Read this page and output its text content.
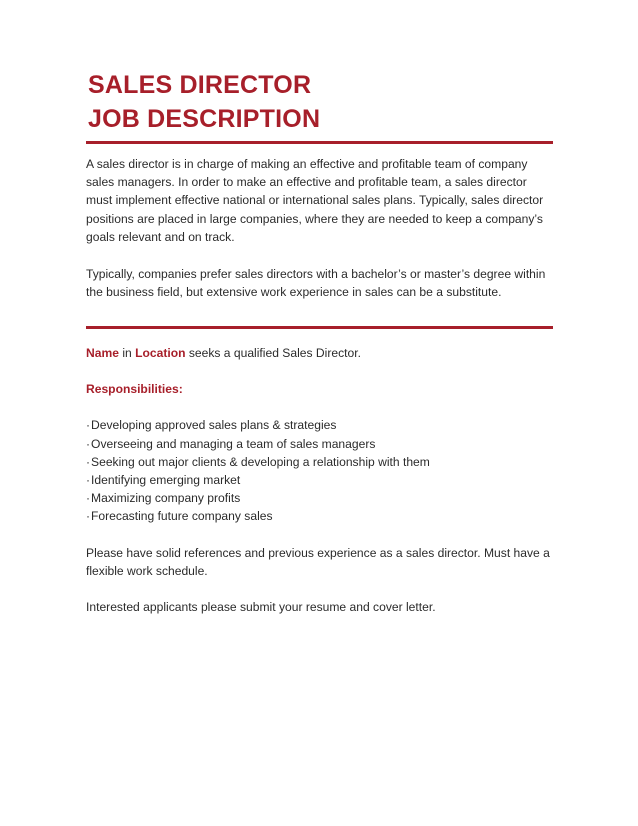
SALES DIRECTOR
JOB DESCRIPTION

A sales director is in charge of making an effective and profitable team of company sales managers. In order to make an effective and profitable team, a sales director must implement effective national or international sales plans. Typically, sales director positions are placed in large companies, where they are needed to keep a company’s goals relevant and on track.

Typically, companies prefer sales directors with a bachelor’s or master’s degree within the business field, but extensive work experience in sales can be a substitute.

Name in Location seeks a qualified Sales Director.

Responsibilities:

·Developing approved sales plans & strategies
·Overseeing and managing a team of sales managers
·Seeking out major clients & developing a relationship with them
·Identifying emerging market
·Maximizing company profits
·Forecasting future company sales

Please have solid references and previous experience as a sales director. Must have a flexible work schedule.

Interested applicants please submit your resume and cover letter.
